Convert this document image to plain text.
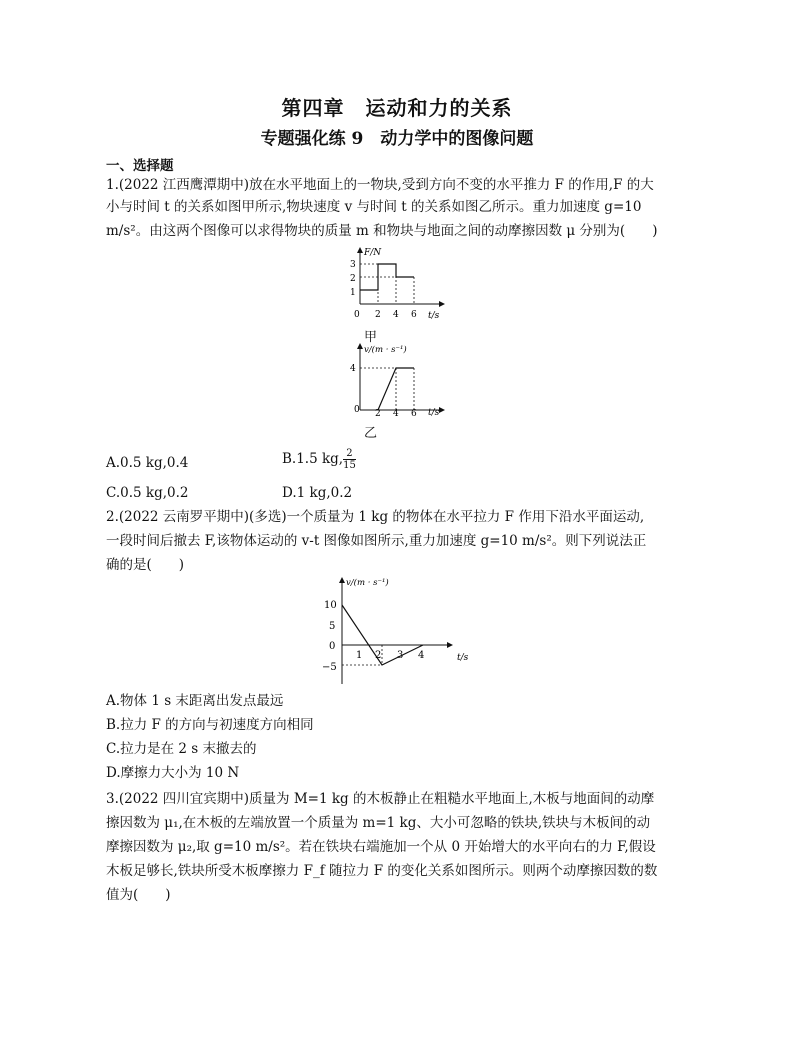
第四章　运动和力的关系
专题强化练 9　动力学中的图像问题
一、选择题
1.(2022 江西鹰潭期中)放在水平地面上的一物块,受到方向不变的水平推力 F 的作用,F 的大
小与时间 t 的关系如图甲所示,物块速度 v 与时间 t 的关系如图乙所示。重力加速度 g=10
m/s²。由这两个图像可以求得物块的质量 m 和物块与地面之间的动摩擦因数 μ 分别为(　　)
F/N
t/s
0
1
2
3
2 4 6
甲
v/(m · s⁻¹)
t/s
0
4
2 4 6
乙
A.0.5 kg,0.4	B.1.5 kg, $\frac{2}{15}$
C.0.5 kg,0.2	D.1 kg,0.2
2.(2022 云南罗平期中)(多选)一个质量为 1 kg 的物体在水平拉力 F 作用下沿水平面运动,
一段时间后撤去 F,该物体运动的 v-t 图像如图所示,重力加速度 g=10 m/s²。则下列说法正
确的是(　　)
v/(m · s⁻¹)
t/s
10
5
0
−5
1 2 3 4
A.物体 1 s 末距离出发点最远
B.拉力 F 的方向与初速度方向相同
C.拉力是在 2 s 末撤去的
D.摩擦力大小为 10 N
3.(2022 四川宜宾期中)质量为 M=1 kg 的木板静止在粗糙水平地面上,木板与地面间的动摩
擦因数为 μ₁,在木板的左端放置一个质量为 m=1 kg、大小可忽略的铁块,铁块与木板间的动
摩擦因数为 μ₂,取 g=10 m/s²。若在铁块右端施加一个从 0 开始增大的水平向右的力 F,假设
木板足够长,铁块所受木板摩擦力 F_f 随拉力 F 的变化关系如图所示。则两个动摩擦因数的数
值为(　　)
